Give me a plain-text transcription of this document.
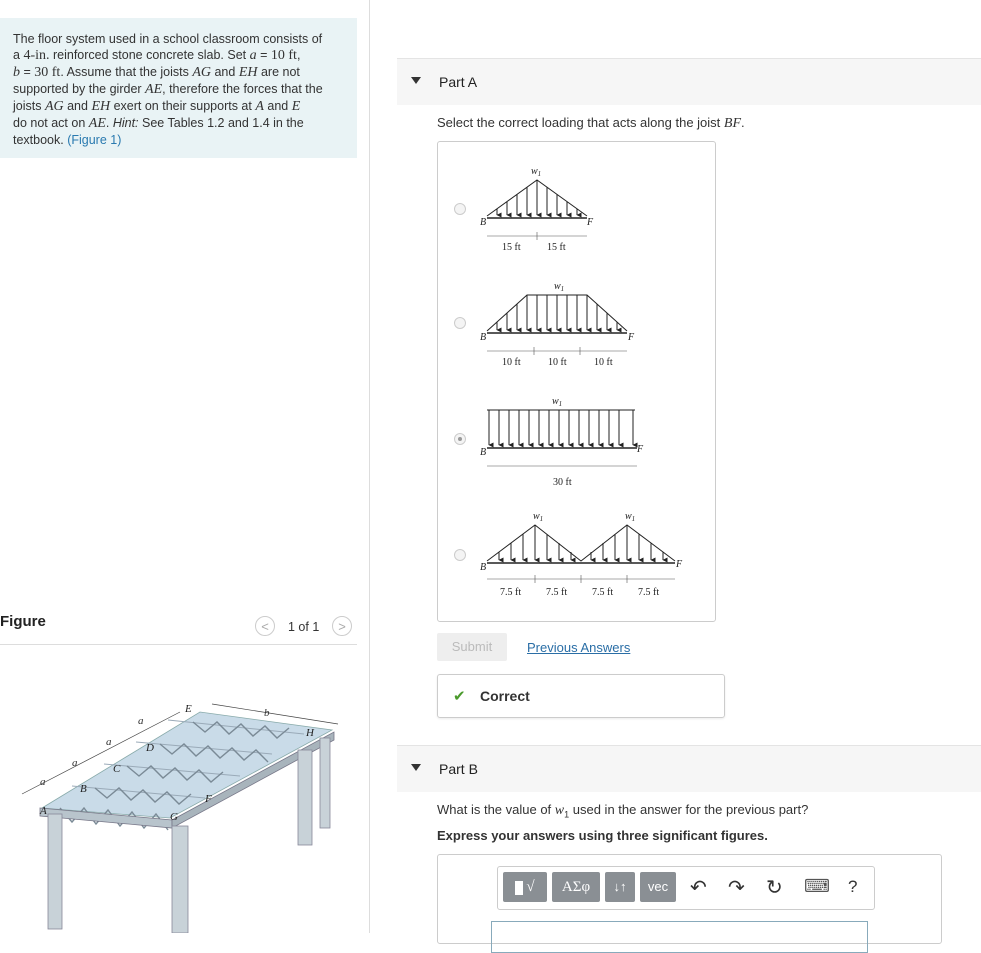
The floor system used in a school classroom consists of
a 4-in. reinforced stone concrete slab. Set a = 10 ft,
b = 30 ft. Assume that the joists AG and EH are not
supported by the girder AE, therefore the forces that the
joists AG and EH exert on their supports at A and E
do not act on AE. Hint: See Tables 1.2 and 1.4 in the
textbook. (Figure 1)
Figure	<	1 of 1	>
a
a
a
a
b
A
B
C
D
E
F
G
H
Part A
Select the correct loading that acts along the joist BF.
$w_1$
B	F
15 ft	15 ft
$w_1$
B	F
10 ft	10 ft	10 ft
$w_1$
B	F
30 ft
$w_1$	$w_1$
B	F
7.5 ft 7.5 ft 7.5 ft 7.5 ft
Submit	Previous Answers
✔ Correct
Part B
What is the value of $w_1$ used in the answer for the previous part?
Express your answers using three significant figures.
√	ΑΣφ	↓↑	vec	↶ ↷ ↻ ⌨ ?
